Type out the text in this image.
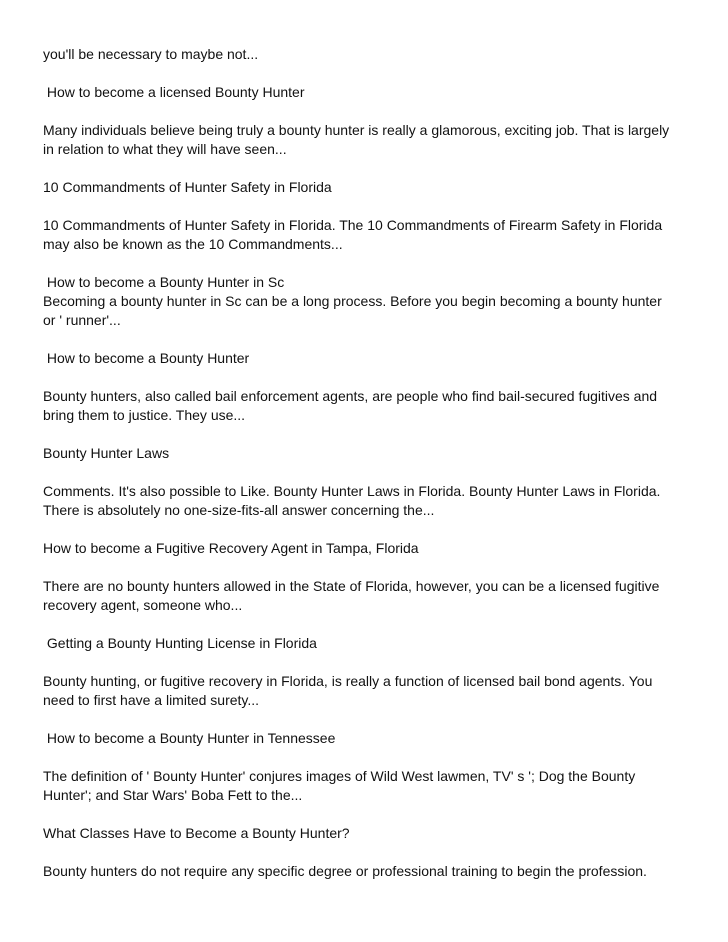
you'll be necessary to maybe not...
How to become a licensed Bounty Hunter
Many individuals believe being truly a bounty hunter is really a glamorous, exciting job. That is largely
in relation to what they will have seen...
10 Commandments of Hunter Safety in Florida
10 Commandments of Hunter Safety in Florida. The 10 Commandments of Firearm Safety in Florida
may also be known as the 10 Commandments...
How to become a Bounty Hunter in Sc
Becoming a bounty hunter in Sc can be a long process. Before you begin becoming a bounty hunter
or ' runner'...
How to become a Bounty Hunter
Bounty hunters, also called bail enforcement agents, are people who find bail-secured fugitives and
bring them to justice. They use...
Bounty Hunter Laws
Comments. It's also possible to Like. Bounty Hunter Laws in Florida. Bounty Hunter Laws in Florida.
There is absolutely no one-size-fits-all answer concerning the...
How to become a Fugitive Recovery Agent in Tampa, Florida
There are no bounty hunters allowed in the State of Florida, however, you can be a licensed fugitive
recovery agent, someone who...
Getting a Bounty Hunting License in Florida
Bounty hunting, or fugitive recovery in Florida, is really a function of licensed bail bond agents. You
need to first have a limited surety...
How to become a Bounty Hunter in Tennessee
The definition of ' Bounty Hunter' conjures images of Wild West lawmen, TV' s '; Dog the Bounty
Hunter'; and Star Wars' Boba Fett to the...
What Classes Have to Become a Bounty Hunter?
Bounty hunters do not require any specific degree or professional training to begin the profession.
